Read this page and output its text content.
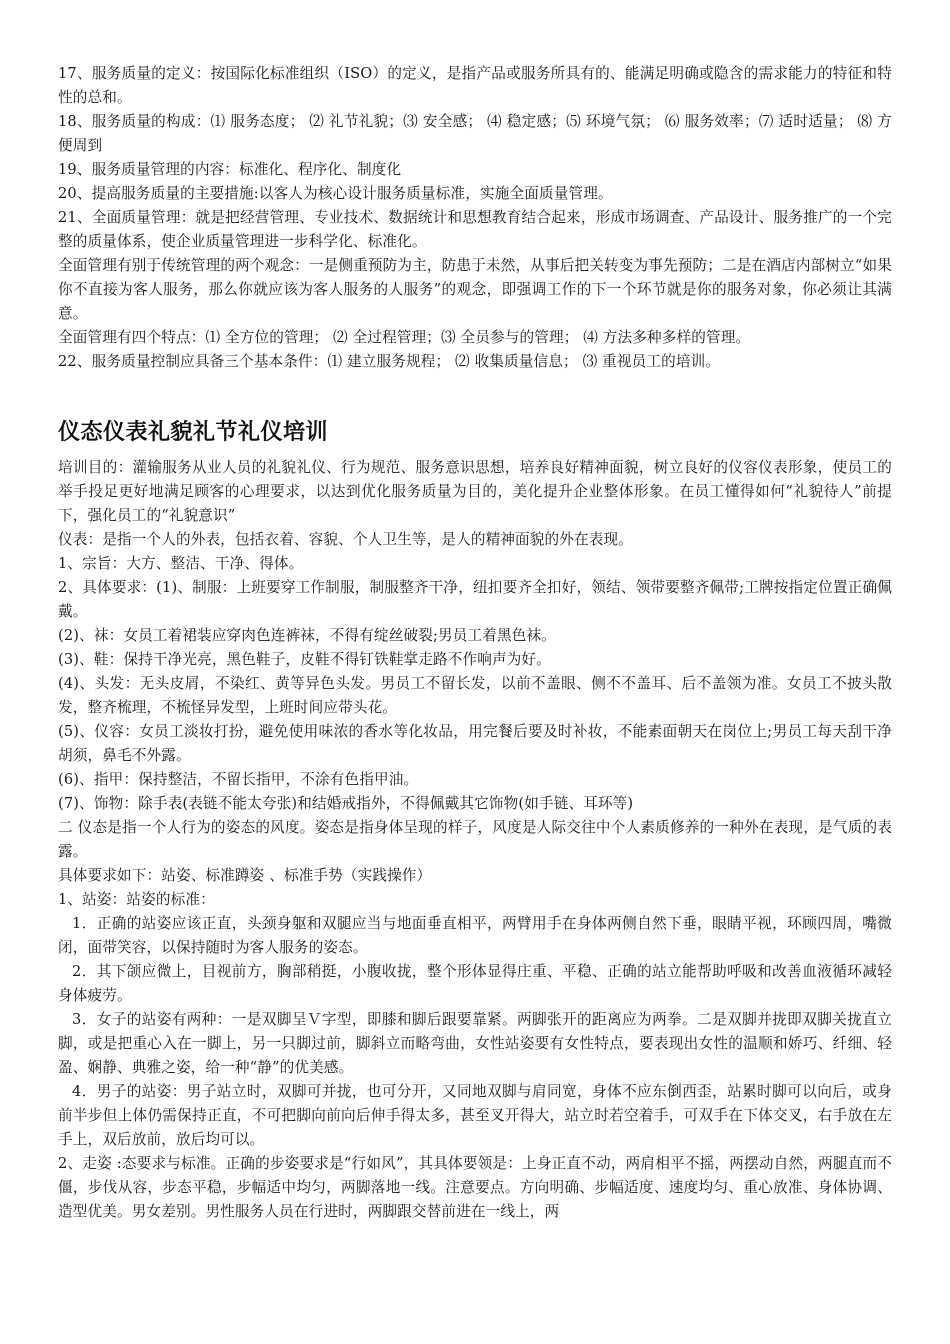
17、服务质量的定义：按国际化标准组织（ISO）的定义，是指产品或服务所具有的、能满足明确或隐含的需求能力的特征和特性的总和。

18、服务质量的构成：⑴ 服务态度； ⑵ 礼节礼貌；⑶ 安全感； ⑷ 稳定感；⑸ 环境气氛； ⑹ 服务效率；⑺ 适时适量； ⑻ 方便周到

19、服务质量管理的内容：标准化、程序化、制度化

20、提高服务质量的主要措施:以客人为核心设计服务质量标准，实施全面质量管理。

21、全面质量管理：就是把经营管理、专业技术、数据统计和思想教育结合起来，形成市场调查、产品设计、服务推广的一个完整的质量体系，使企业质量管理进一步科学化、标准化。

全面管理有别于传统管理的两个观念：一是侧重预防为主，防患于未然，从事后把关转变为事先预防；二是在酒店内部树立“如果你不直接为客人服务，那么你就应该为客人服务的人服务”的观念，即强调工作的下一个环节就是你的服务对象，你必须让其满意。

全面管理有四个特点：⑴ 全方位的管理； ⑵ 全过程管理；⑶ 全员参与的管理； ⑷ 方法多种多样的管理。

22、服务质量控制应具备三个基本条件：⑴ 建立服务规程； ⑵ 收集质量信息； ⑶ 重视员工的培训。

仪态仪表礼貌礼节礼仪培训

培训目的：灌输服务从业人员的礼貌礼仪、行为规范、服务意识思想，培养良好精神面貌，树立良好的仪容仪表形象，使员工的举手投足更好地满足顾客的心理要求，以达到优化服务质量为目的，美化提升企业整体形象。在员工懂得如何“礼貌待人”前提下，强化员工的“礼貌意识”

仪表：是指一个人的外表，包括衣着、容貌、个人卫生等，是人的精神面貌的外在表现。

1、宗旨：大方、整洁、干净、得体。

2、具体要求：(1)、制服：上班要穿工作制服，制服整齐干净，纽扣要齐全扣好，领结、领带要整齐佩带;工牌按指定位置正确佩戴。

(2)、袜：女员工着裙装应穿肉色连裤袜，不得有绽丝破裂;男员工着黑色袜。

(3)、鞋：保持干净光亮，黑色鞋子，皮鞋不得钉铁鞋掌走路不作响声为好。

(4)、头发：无头皮屑，不染红、黄等异色头发。男员工不留长发，以前不盖眼、侧不不盖耳、后不盖领为准。女员工不披头散发，整齐梳理，不梳怪异发型，上班时间应带头花。

(5)、仪容：女员工淡妆打扮，避免使用味浓的香水等化妆品，用完餐后要及时补妆，不能素面朝天在岗位上;男员工每天刮干净胡须，鼻毛不外露。

(6)、指甲：保持整洁，不留长指甲，不涂有色指甲油。

(7)、饰物：除手表(表链不能太夸张)和结婚戒指外，不得佩戴其它饰物(如手链、耳环等)

二 仪态是指一个人行为的姿态的风度。姿态是指身体呈现的样子，风度是人际交往中个人素质修养的一种外在表现，是气质的表露。

具体要求如下：站姿、标准蹲姿 、标准手势（实践操作）

1、站姿：站姿的标准：

1．正确的站姿应该正直，头颈身躯和双腿应当与地面垂直相平，两臂用手在身体两侧自然下垂，眼睛平视，环顾四周，嘴微闭，面带笑容，以保持随时为客人服务的姿态。

2．其下颌应微上，目视前方，胸部稍挺，小腹收拢，整个形体显得庄重、平稳、正确的站立能帮助呼吸和改善血液循环减轻身体疲劳。

3．女子的站姿有两种：一是双脚呈Ｖ字型，即膝和脚后跟要靠紧。两脚张开的距离应为两拳。二是双脚并拢即双脚关拢直立脚，或是把重心入在一脚上，另一只脚过前，脚斜立而略弯曲，女性站姿要有女性特点，要表现出女性的温顺和娇巧、纤细、轻盈、娴静、典雅之姿，给一种“静”的优美感。

4．男子的站姿：男子站立时，双脚可并拢，也可分开，又同地双脚与肩同宽，身体不应东倒西歪，站累时脚可以向后，或身前半步但上体仍需保持正直，不可把脚向前向后伸手得太多，甚至叉开得大，站立时若空着手，可双手在下体交叉，右手放在左手上，双后放前，放后均可以。

2、走姿 :态要求与标准。正确的步姿要求是“行如风”，其具体要领是：上身正直不动，两肩相平不摇，两摆动自然，两腿直而不僵，步伐从容，步态平稳，步幅适中均匀，两脚落地一线。注意要点。方向明确、步幅适度、速度均匀、重心放准、身体协调、造型优美。男女差别。男性服务人员在行进时，两脚跟交替前进在一线上，两
